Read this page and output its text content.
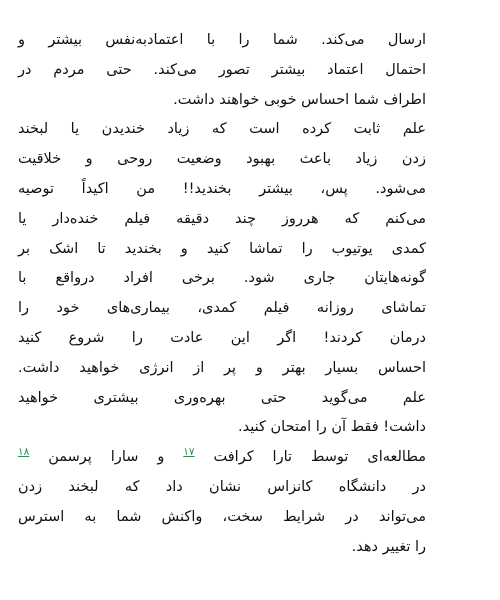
ارسال می‌کند. شما را با اعتمادبه‌نفس بیشتر و
احتمال اعتماد بیشتر تصور می‌کند. حتی مردم در
اطراف شما احساس خوبی خواهند داشت.
علم ثابت کرده است که زیاد خندیدن یا لبخند
زدن زیاد باعث بهبود وضعیت روحی و خلاقیت
می‌شود. پس، بیشتر بخندید!! من اکیداً توصیه
می‌کنم که هرروز چند دقیقه فیلم خنده‌دار یا
کمدی یوتیوب را تماشا کنید و بخندید تا اشک بر
گونه‌هایتان جاری شود. برخی افراد درواقع با
تماشای روزانه فیلم کمدی، بیماری‌های خود را
درمان کردند! اگر این عادت را شروع کنید
احساس بسیار بهتر و پر از انرژی خواهید داشت.
علم می‌گوید حتی بهره‌وری بیشتری خواهید
داشت! فقط آن را امتحان کنید.
مطالعه‌ای توسط تارا کرافت $^{۱۷}$ و سارا پرسمن $^{۱۸}$
در دانشگاه کانزاس نشان داد که لبخند زدن
می‌تواند در شرایط سخت، واکنش شما به استرس
را تغییر دهد.
